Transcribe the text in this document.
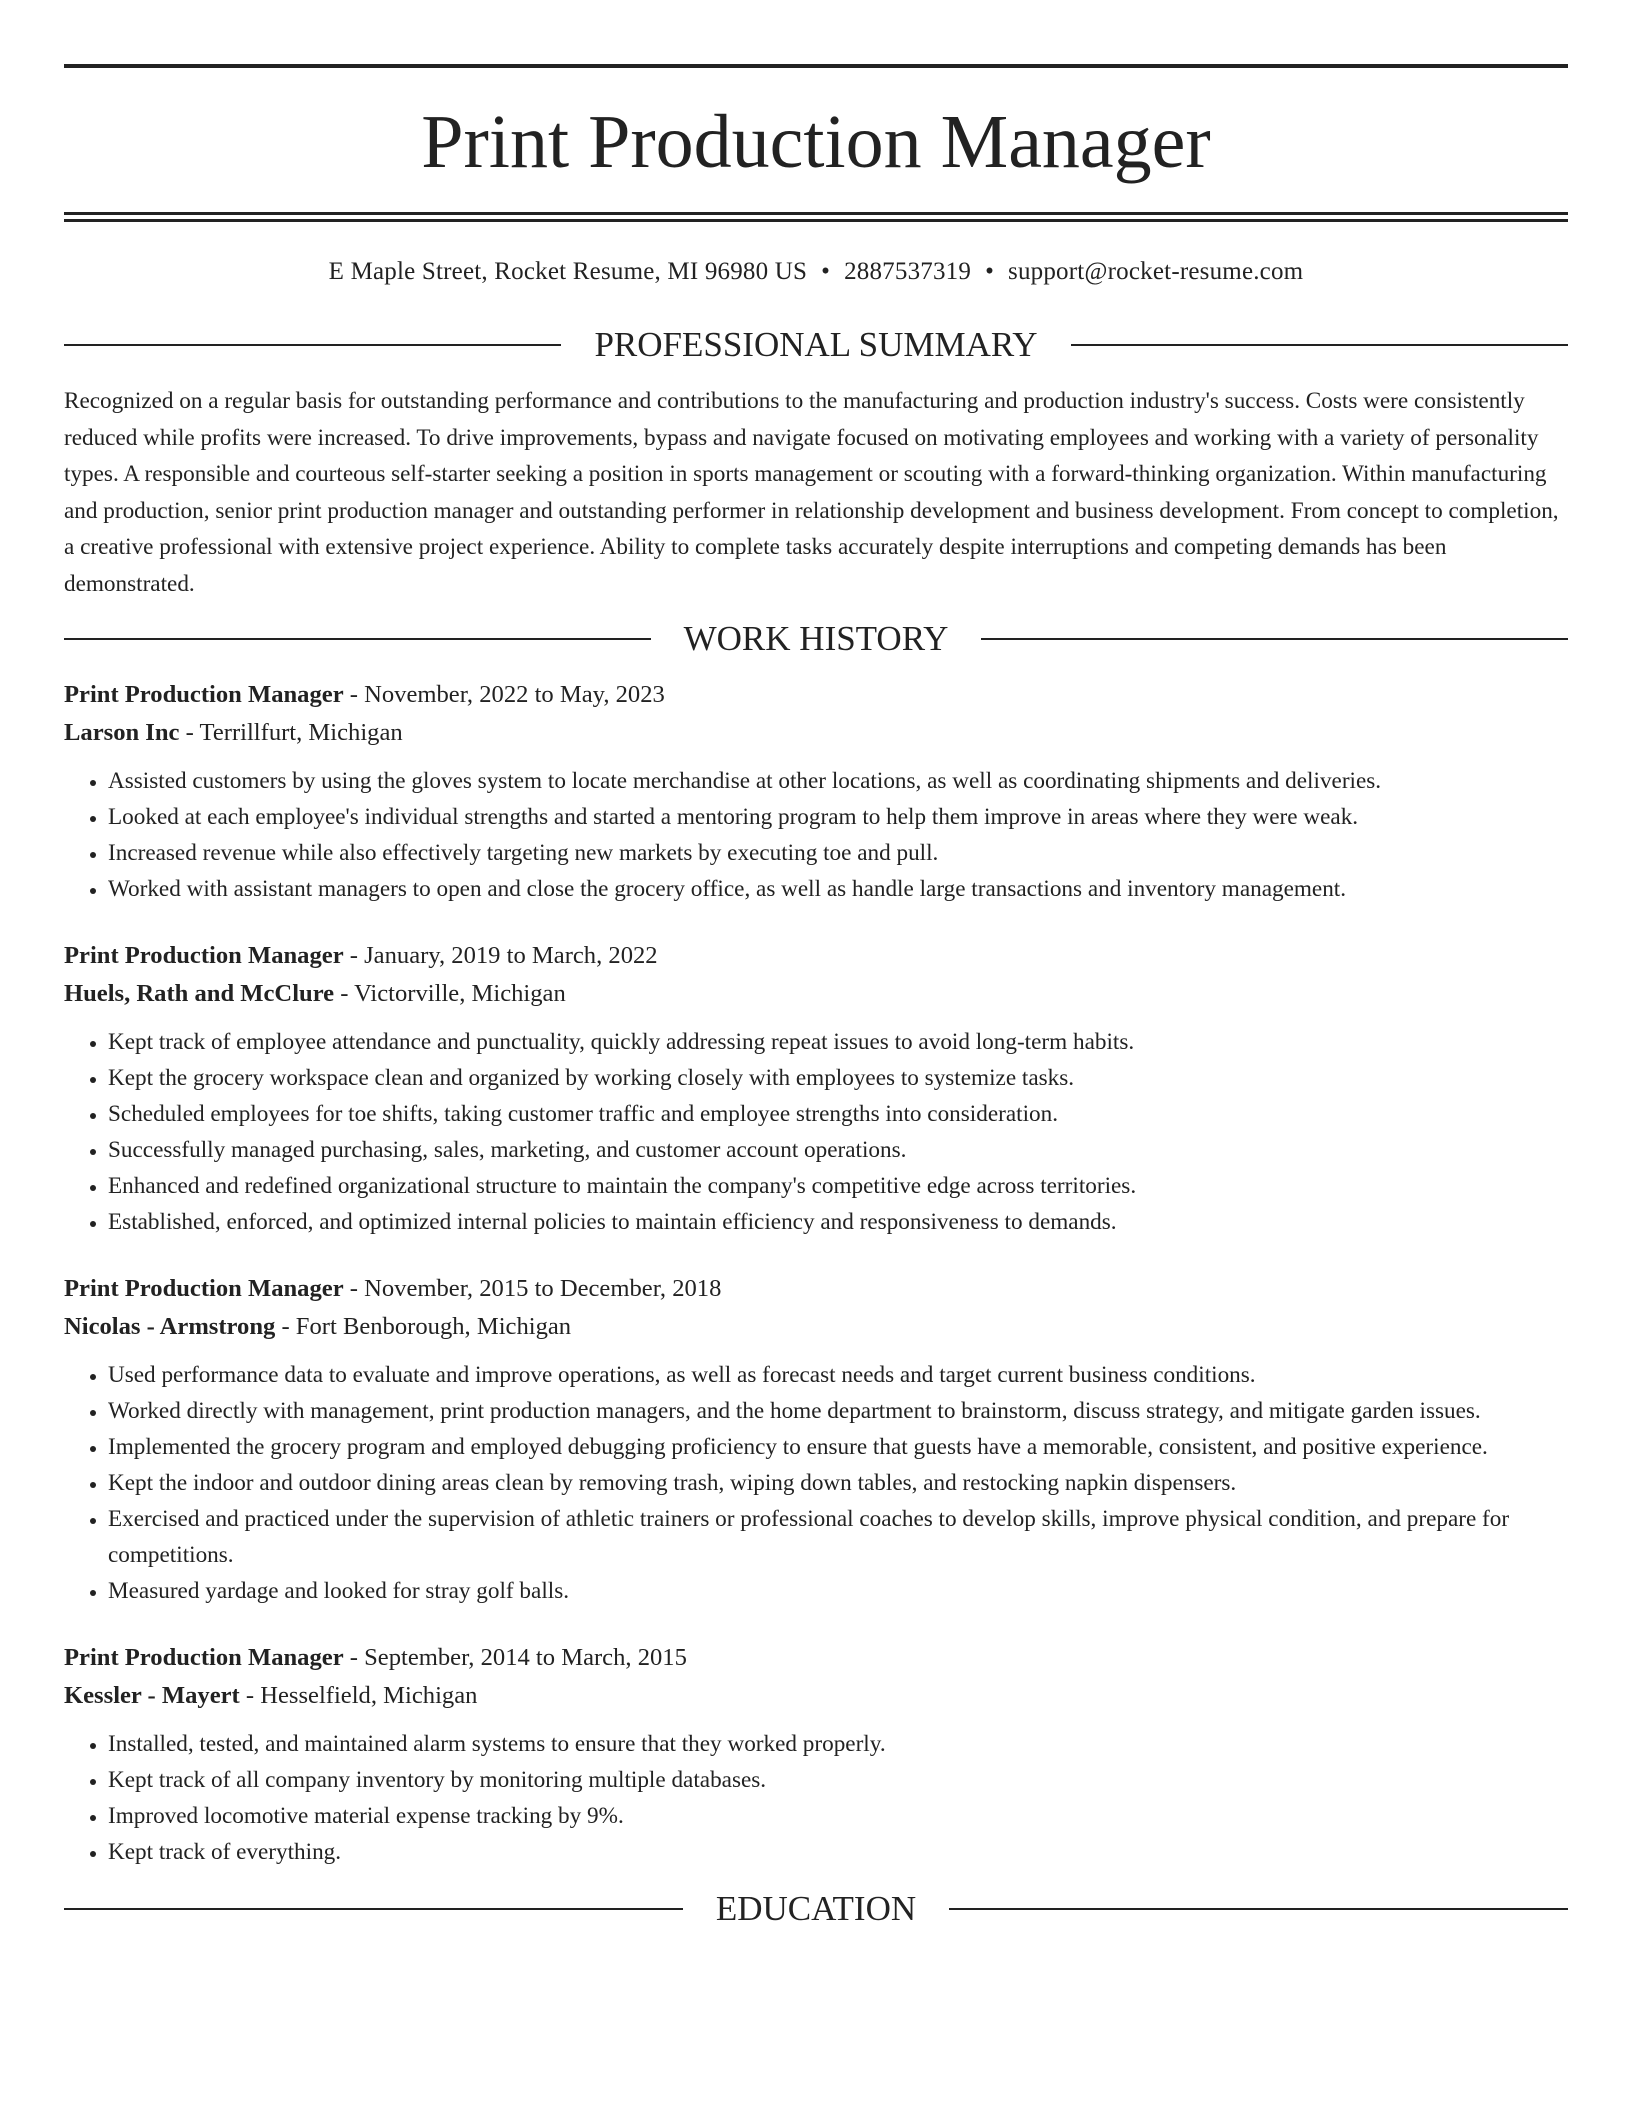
Print Production Manager
E Maple Street, Rocket Resume, MI 96980 US • 2887537319 • support@rocket-resume.com
PROFESSIONAL SUMMARY
Recognized on a regular basis for outstanding performance and contributions to the manufacturing and production industry's success. Costs were consistently reduced while profits were increased. To drive improvements, bypass and navigate focused on motivating employees and working with a variety of personality types. A responsible and courteous self-starter seeking a position in sports management or scouting with a forward-thinking organization. Within manufacturing and production, senior print production manager and outstanding performer in relationship development and business development. From concept to completion, a creative professional with extensive project experience. Ability to complete tasks accurately despite interruptions and competing demands has been demonstrated.
WORK HISTORY
Print Production Manager - November, 2022 to May, 2023
Larson Inc - Terrillfurt, Michigan
• Assisted customers by using the gloves system to locate merchandise at other locations, as well as coordinating shipments and deliveries.
• Looked at each employee's individual strengths and started a mentoring program to help them improve in areas where they were weak.
• Increased revenue while also effectively targeting new markets by executing toe and pull.
• Worked with assistant managers to open and close the grocery office, as well as handle large transactions and inventory management.
Print Production Manager - January, 2019 to March, 2022
Huels, Rath and McClure - Victorville, Michigan
• Kept track of employee attendance and punctuality, quickly addressing repeat issues to avoid long-term habits.
• Kept the grocery workspace clean and organized by working closely with employees to systemize tasks.
• Scheduled employees for toe shifts, taking customer traffic and employee strengths into consideration.
• Successfully managed purchasing, sales, marketing, and customer account operations.
• Enhanced and redefined organizational structure to maintain the company's competitive edge across territories.
• Established, enforced, and optimized internal policies to maintain efficiency and responsiveness to demands.
Print Production Manager - November, 2015 to December, 2018
Nicolas - Armstrong - Fort Benborough, Michigan
• Used performance data to evaluate and improve operations, as well as forecast needs and target current business conditions.
• Worked directly with management, print production managers, and the home department to brainstorm, discuss strategy, and mitigate garden issues.
• Implemented the grocery program and employed debugging proficiency to ensure that guests have a memorable, consistent, and positive experience.
• Kept the indoor and outdoor dining areas clean by removing trash, wiping down tables, and restocking napkin dispensers.
• Exercised and practiced under the supervision of athletic trainers or professional coaches to develop skills, improve physical condition, and prepare for competitions.
• Measured yardage and looked for stray golf balls.
Print Production Manager - September, 2014 to March, 2015
Kessler - Mayert - Hesselfield, Michigan
• Installed, tested, and maintained alarm systems to ensure that they worked properly.
• Kept track of all company inventory by monitoring multiple databases.
• Improved locomotive material expense tracking by 9%.
• Kept track of everything.
EDUCATION
